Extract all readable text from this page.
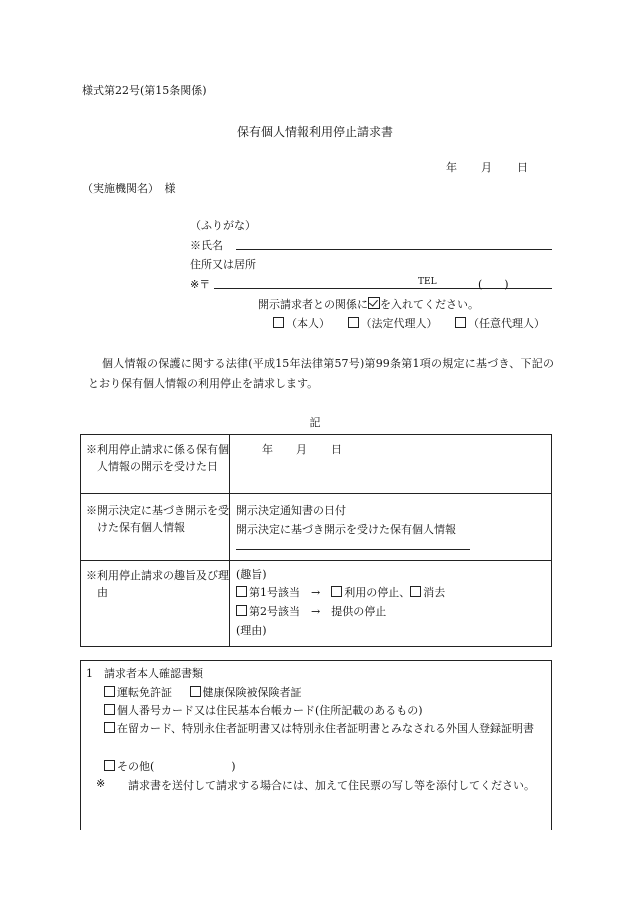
様式第22号(第15条関係)
保有個人情報利用停止請求書
年 月 日
（実施機関名）　様
（ふりがな）
※氏名
住所又は居所
※〒	TEL	(　　)
開示請求者との関係に を入れてください。
（本人）	（法定代理人）	（任意代理人）
個人情報の保護に関する法律(平成15年法律第57号)第99条第1項の規定に基づき、下記のとおり保有個人情報の利用停止を請求します。
記
※利用停止請求に係る保有個人情報の開示を受けた日
年 月 日
※開示決定に基づき開示を受けた保有個人情報
開示決定通知書の日付
開示決定に基づき開示を受けた保有個人情報
※利用停止請求の趣旨及び理由
(趣旨)
第1号該当　→　利用の停止、 消去
第2号該当　→　提供の停止
(理由)
1　請求者本人確認書類
運転免許証	健康保険被保険者証
個人番号カード又は住民基本台帳カード(住所記載のあるもの)
在留カード、特別永住者証明書又は特別永住者証明書とみなされる外国人登録証明書
その他(　　　　　　　)
※	請求書を送付して請求する場合には、加えて住民票の写し等を添付してください。
